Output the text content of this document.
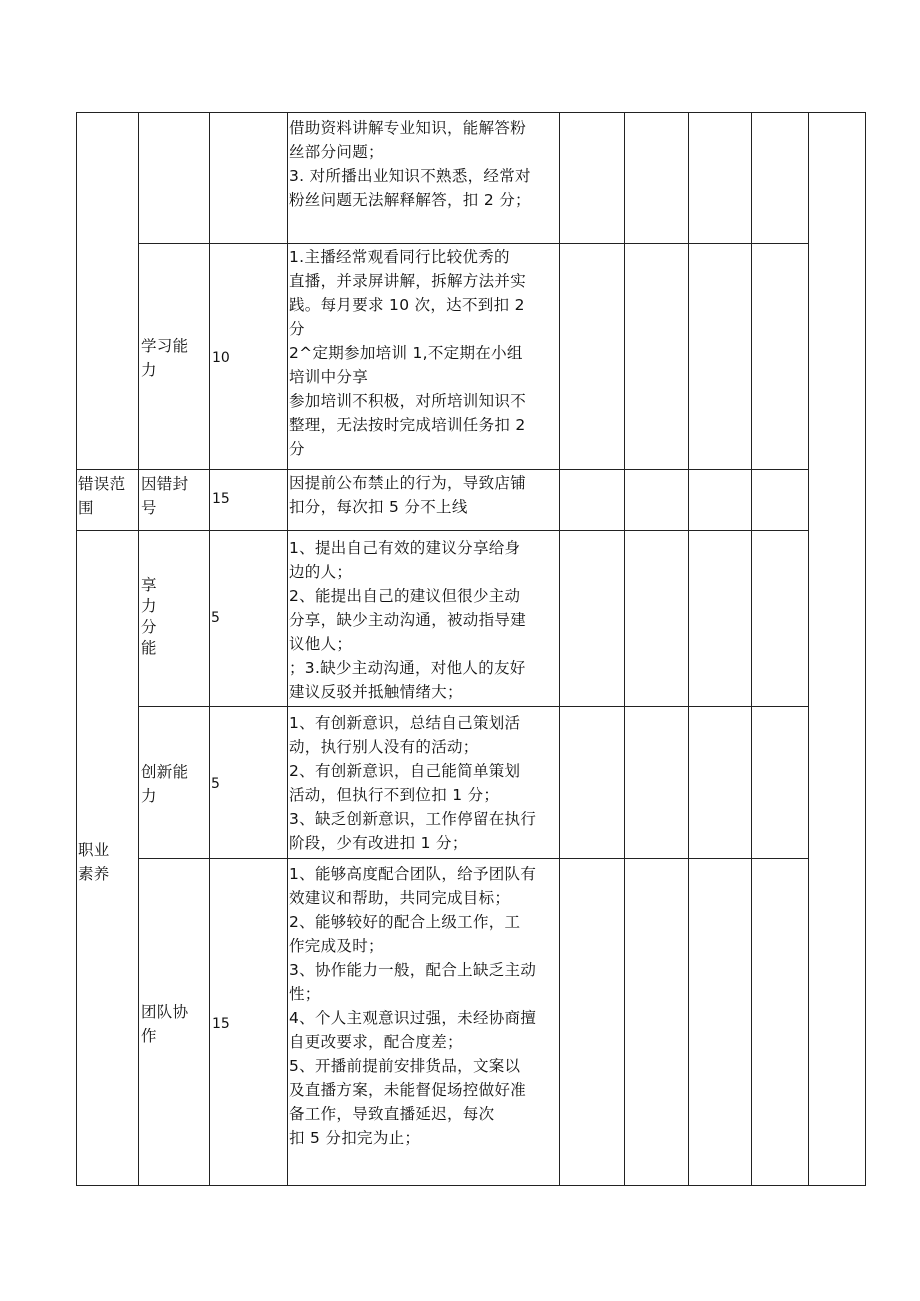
借助资料讲解专业知识，能解答粉
丝部分问题；
3. 对所播出业知识不熟悉，经常对
粉丝问题无法解释解答，扣 2 分；
学习能
力
10
1.主播经常观看同行比较优秀的
直播，并录屏讲解，拆解方法并实
践。每月要求 10 次，达不到扣 2
分
2^定期参加培训 1,不定期在小组
培训中分享
参加培训不积极，对所培训知识不
整理，无法按时完成培训任务扣 2
分
错误范
围
因错封
号	15
因提前公布禁止的行为，导致店铺
扣分，每次扣 5 分不上线
享
力
分
能
5
1、提出自己有效的建议分享给身
边的人；
2、能提出自己的建议但很少主动
分享，缺少主动沟通，被动指导建
议他人；
；3.缺少主动沟通，对他人的友好
建议反驳并抵触情绪大；
创新能
力
5
1、有创新意识，总结自己策划活
动，执行别人没有的活动；
2、有创新意识，自己能简单策划
活动，但执行不到位扣 1 分；
3、缺乏创新意识，工作停留在执行
阶段，少有改进扣 1 分；
职业
素养
团队协
作
15
1、能够高度配合团队，给予团队有
效建议和帮助，共同完成目标；
2、能够较好的配合上级工作，工
作完成及时；
3、协作能力一般，配合上缺乏主动
性；
4、个人主观意识过强，未经协商擅
自更改要求，配合度差；
5、开播前提前安排货品，文案以
及直播方案，未能督促场控做好准
备工作，导致直播延迟，每次
扣 5 分扣完为止；
